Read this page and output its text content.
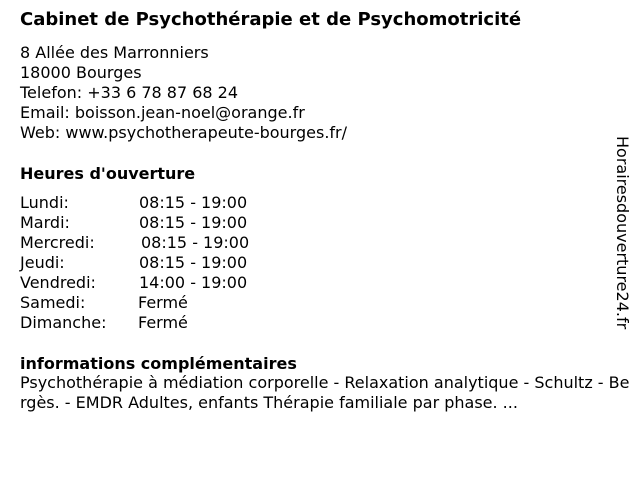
Cabinet de Psychothérapie et de Psychomotricité
8 Allée des Marronniers
18000 Bourges
Telefon: +33 6 78 87 68 24
Email: boisson.jean-noel@orange.fr
Web: www.psychotherapeute-bourges.fr/
Heures d'ouverture
Lundi:	08:15 - 19:00
Mardi:	08:15 - 19:00
Mercredi:	08:15 - 19:00
Jeudi:	08:15 - 19:00
Vendredi:	14:00 - 19:00
Samedi:	Fermé
Dimanche: Fermé
informations complémentaires
Psychothérapie à médiation corporelle - Relaxation analytique - Schultz - Bergès. - EMDR Adultes, enfants Thérapie familiale par phase. ...
Horairesdouverture24.fr
